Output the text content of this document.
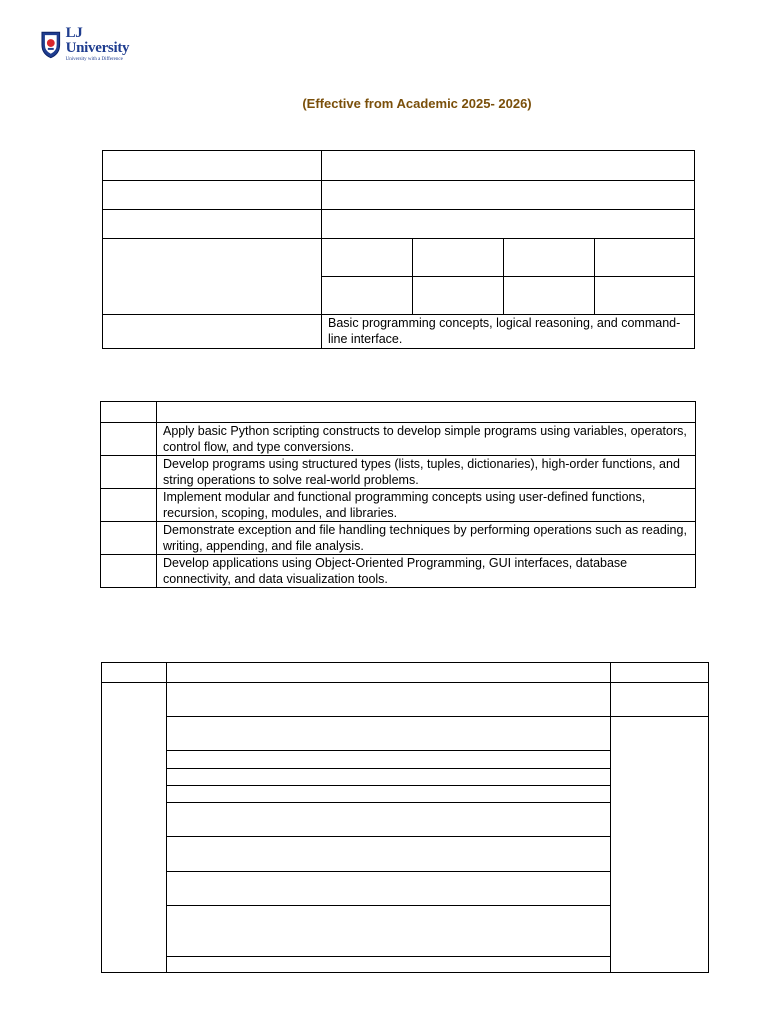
LJ University
University with a Difference
(Effective from Academic 2025- 2026)

	Basic programming concepts, logical reasoning, and command-line interface.			

	Apply basic Python scripting constructs to develop simple programs using variables, operators, control flow, and type conversions.
	Develop programs using structured types (lists, tuples, dictionaries), high-order functions, and string operations to solve real-world problems.
	Implement modular and functional programming concepts using user-defined functions, recursion, scoping, modules, and libraries.
	Demonstrate exception and file handling techniques by performing operations such as reading, writing, appending, and file analysis.
	Develop applications using Object-Oriented Programming, GUI interfaces, database connectivity, and data visualization tools.
